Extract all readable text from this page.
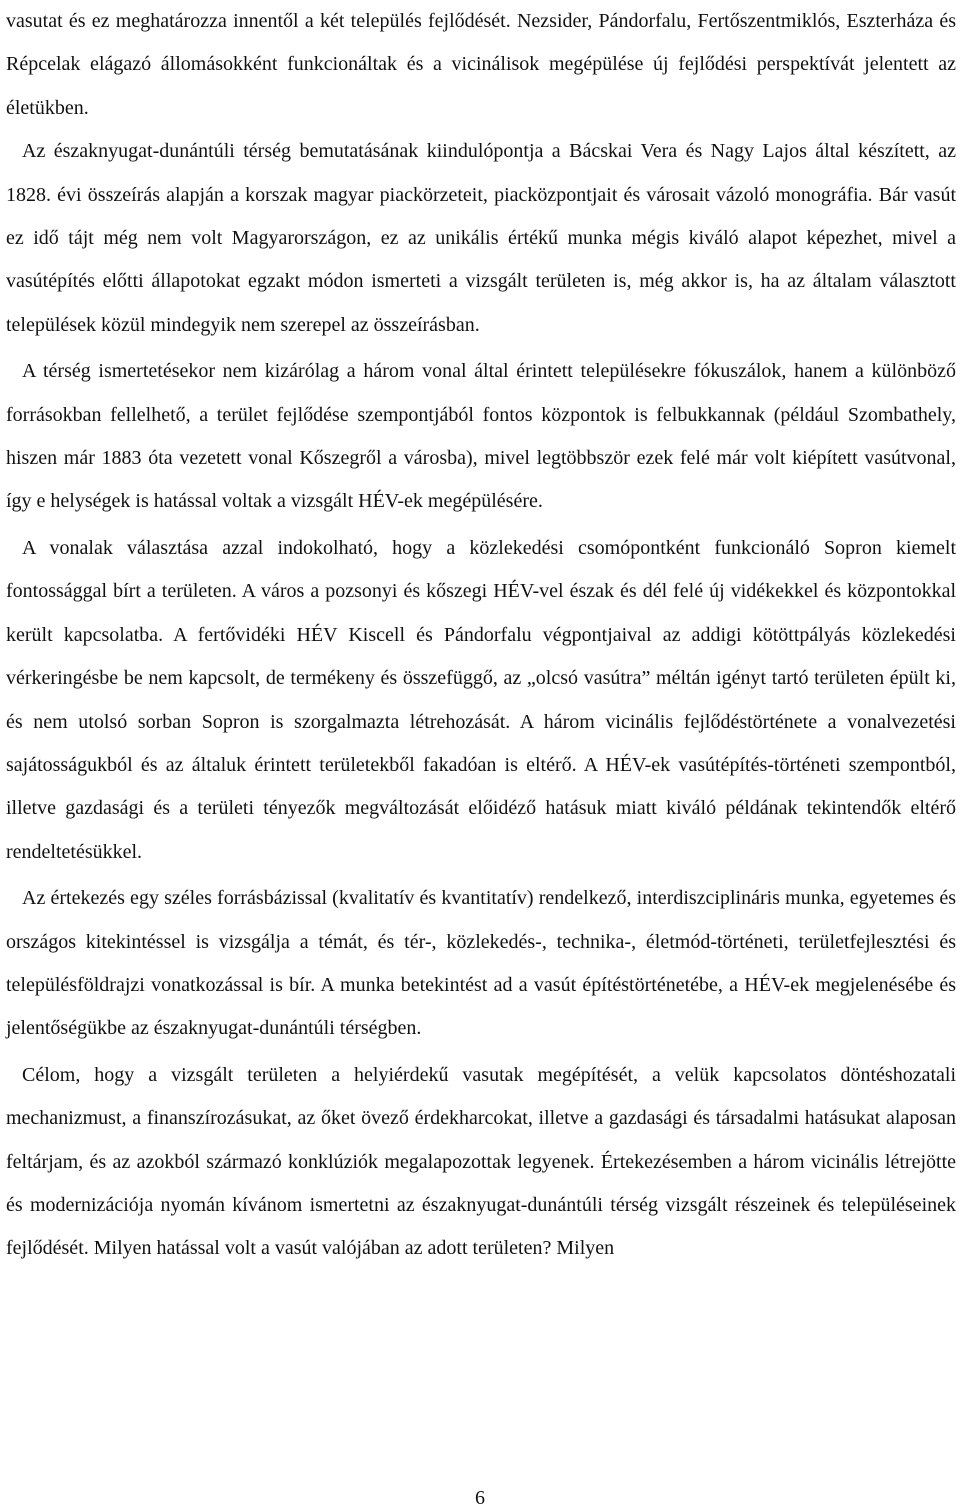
vasutat és ez meghatározza innentől a két település fejlődését. Nezsider, Pándorfalu, Fertőszentmiklós, Eszterháza és Répcelak elágazó állomásokként funkcionáltak és a vicinálisok megépülése új fejlődési perspektívát jelentett az életükben.

Az északnyugat-dunántúli térség bemutatásának kiindulópontja a Bácskai Vera és Nagy Lajos által készített, az 1828. évi összeírás alapján a korszak magyar piackörzeteit, piacközpontjait és városait vázoló monográfia. Bár vasút ez idő tájt még nem volt Magyarországon, ez az unikális értékű munka mégis kiváló alapot képezhet, mivel a vasútépítés előtti állapotokat egzakt módon ismerteti a vizsgált területen is, még akkor is, ha az általam választott települések közül mindegyik nem szerepel az összeírásban.

A térség ismertetésekor nem kizárólag a három vonal által érintett településekre fókuszálok, hanem a különböző forrásokban fellelhető, a terület fejlődése szempontjából fontos központok is felbukkannak (például Szombathely, hiszen már 1883 óta vezetett vonal Kőszegről a városba), mivel legtöbbször ezek felé már volt kiépített vasútvonal, így e helységek is hatással voltak a vizsgált HÉV-ek megépülésére.

A vonalak választása azzal indokolható, hogy a közlekedési csomópontként funkcionáló Sopron kiemelt fontossággal bírt a területen. A város a pozsonyi és kőszegi HÉV-vel észak és dél felé új vidékekkel és központokkal került kapcsolatba. A fertővidéki HÉV Kiscell és Pándorfalu végpontjaival az addigi kötöttpályás közlekedési vérkeringésbe be nem kapcsolt, de termékeny és összefüggő, az „olcsó vasútra” méltán igényt tartó területen épült ki, és nem utolsó sorban Sopron is szorgalmazta létrehozását. A három vicinális fejlődéstörténete a vonalvezetési sajátosságukból és az általuk érintett területekből fakadóan is eltérő. A HÉV-ek vasútépítés-történeti szempontból, illetve gazdasági és a területi tényezők megváltozását előidéző hatásuk miatt kiváló példának tekintendők eltérő rendeltetésükkel.

Az értekezés egy széles forrásbázissal (kvalitatív és kvantitatív) rendelkező, interdiszciplináris munka, egyetemes és országos kitekintéssel is vizsgálja a témát, és tér-, közlekedés-, technika-, életmód-történeti, területfejlesztési és településföldrajzi vonatkozással is bír. A munka betekintést ad a vasút építéstörténetébe, a HÉV-ek megjelenésébe és jelentőségükbe az északnyugat-dunántúli térségben.

Célom, hogy a vizsgált területen a helyiérdekű vasutak megépítését, a velük kapcsolatos döntéshozatali mechanizmust, a finanszírozásukat, az őket övező érdekharcokat, illetve a gazdasági és társadalmi hatásukat alaposan feltárjam, és az azokból származó konklúziók megalapozottak legyenek. Értekezésemben a három vicinális létrejötte és modernizációja nyomán kívánom ismertetni az északnyugat-dunántúli térség vizsgált részeinek és településeinek fejlődését. Milyen hatással volt a vasút valójában az adott területen? Milyen

6
